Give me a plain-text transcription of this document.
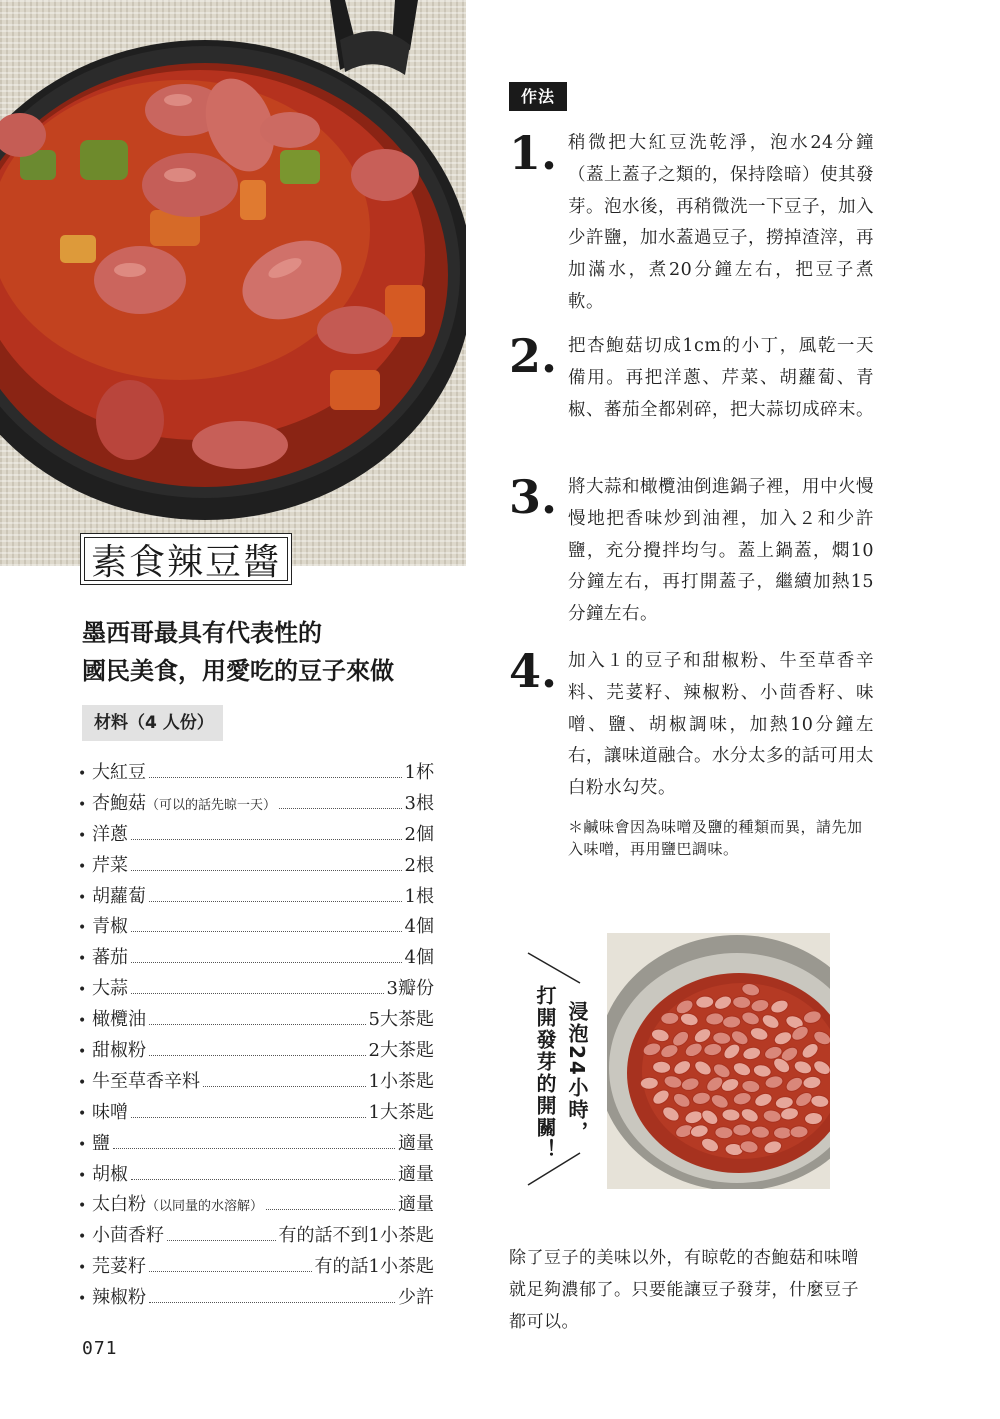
素食辣豆醬
墨西哥最具有代表性的
國民美食，用愛吃的豆子來做
材料（4 人份）
• 大紅豆	1杯
• 杏鮑菇 （可以的話先晾一天）	3根
• 洋蔥	2個
• 芹菜	2根
• 胡蘿蔔	1根
• 青椒	4個
• 蕃茄	4個
• 大蒜	3瓣份
• 橄欖油	5大茶匙
• 甜椒粉	2大茶匙
• 牛至草香辛料	1小茶匙
• 味噌	1大茶匙
• 鹽	適量
• 胡椒	適量
• 太白粉 （以同量的水溶解）	適量
• 小茴香籽	有的話不到1小茶匙
• 芫荽籽	有的話1小茶匙
• 辣椒粉	少許
071
作法
1. 稍微把大紅豆洗乾淨，泡水24分鐘（蓋上蓋子之類的，保持陰暗）使其發芽。泡水後，再稍微洗一下豆子，加入少許鹽，加水蓋過豆子，撈掉渣滓，再加滿水，煮20分鐘左右，把豆子煮軟。
2. 把杏鮑菇切成1cm的小丁，風乾一天備用。再把洋蔥、芹菜、胡蘿蔔、青椒、蕃茄全都剁碎，把大蒜切成碎末。
3. 將大蒜和橄欖油倒進鍋子裡，用中火慢慢地把香味炒到油裡，加入２和少許鹽，充分攪拌均勻。蓋上鍋蓋，燜10分鐘左右，再打開蓋子，繼續加熱15分鐘左右。
4. 加入１的豆子和甜椒粉、牛至草香辛料、芫荽籽、辣椒粉、小茴香籽、味噌、鹽、胡椒調味，加熱10分鐘左右，讓味道融合。水分太多的話可用太白粉水勾芡。
＊鹹味會因為味噌及鹽的種類而異，請先加入味噌，再用鹽巴調味。
浸泡24小時，
打開發芽的開關！
除了豆子的美味以外，有晾乾的杏鮑菇和味噌就足夠濃郁了。只要能讓豆子發芽，什麼豆子都可以。
